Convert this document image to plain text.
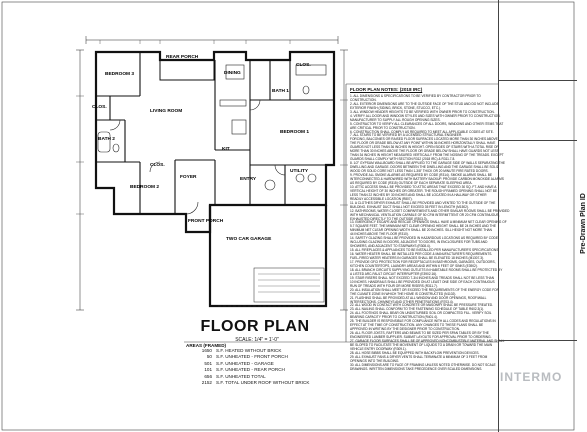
BEDROOM 3
REAR PORCH
DINING
LIVING ROOM
CLOS.
BATH 1
CLOS.
BATH 2
KIT
BEDROOM 1
CLOS.
BEDROOM 2
FOYER	ENTRY
UTILITY
FRONT PORCH
TWO CAR GARAGE
FLOOR PLAN
SCALE: 1/4" = 1'-0"
FLOOR PLAN NOTES: (2018 IRC)
1. ALL DIMENSIONS & SPECIFICATIONS TO BE VERIFIED BY CONTRACTOR PRIOR TO
CONSTRUCTION.
2. ALL EXTERIOR DIMENSIONS ARE TO THE OUTSIDE FACE OF THE STUD AND DO NOT INCLUDE
EXTERIOR FINISH (SIDING, BRICK, STONE, STUCCO, ETC.).
3. ALL WINDOW HEADER HEIGHTS TO BE VERIFIED WITH OWNER PRIOR TO CONSTRUCTION.
4. VERIFY ALL DOOR AND WINDOW STYLES AND SIZES WITH OWNER PRIOR TO CONSTRUCTION.
MANUFACTURER TO SUPPLY ALL ROUGH OPENING SIZES.
5. CONTRACTOR TO VERIFY ALL CLEARANCES OF ALL DOORS, WINDOWS AND OTHER ITEMS THAT
ARE CRITICAL PRIOR TO CONSTRUCTION.
6. CONSTRUCTION SHALL COMPLY AS REQUIRED TO MEET ALL APPLICABLE CODES AT SITE.
7. ALL STAIRS TO BE VERIFIED BY A LICENSED STRUCTURAL ENGINEER.
FORCING, BALCONIES OR RAISED FLOOR SURFACES LOCATED MORE THAN 30 INCHES ABOVE
THE FLOOR OR GRADE BELOW AT ANY POINT WITHIN 36 INCHES HORIZONTALLY SHALL HAVE
GUARDS NOT LESS THAN 36 INCHES IN HEIGHT. OPEN SIDES OF STAIRS WITH A TOTAL RISE OF
MORE THAN 30 INCHES ABOVE THE FLOOR OR GRADE BELOW SHALL HAVE GUARDS NOT LESS
THAN 34 INCHES IN HEIGHT MEASURED VERTICALLY FROM THE NOSING OF THE TREADS. EXCEPT
GUARDS SHALL COMPLY WITH SECTION R312 (2018 IRC) & R311.7.8.
8. 1/2" GYPSUM WALLBOARD SHALL BE APPLIED TO THE GARAGE SIDE OF WALLS SEPARATING THE
DWELLING AND GARAGE. DOORS BETWEEN THE DWELLING AND THE GARAGE SHALL BE SOLID
WOOD OR SOLID CORE NOT LESS THAN 1-3/8" THICK OR 20 MINUTE FIRE RATED DOORS.
9. PROVIDE ALL SMOKE ALARMS AS REQUIRED BY CODE (R314). SMOKE ALARMS SHALL BE
INTERCONNECTED & HARDWIRED WITH BATTERY BACKUP. PROVIDE CARBON MONOXIDE ALARMS
AS REQUIRED BY CODE (R315) OUTSIDE OF EACH SEPARATE SLEEPING AREA.
10. ATTIC ACCESS SHALL BE PROVIDED TO ATTIC AREAS THAT EXCEED 30 SQ. FT. AND HAVE A
VERTICAL HEIGHT OF 30 INCHES OR GREATER. THE ROUGH FRAMED OPENING SHALL NOT BE
LESS THAN 22 INCHES BY 30 INCHES AND SHALL BE LOCATED IN A HALLWAY OR OTHER
READILY ACCESSIBLE LOCATION (R807).
11. A CLOTHES DRYER EXHAUST SHALL BE PROVIDED AND VENTED TO THE OUTSIDE OF THE
BUILDING. EXHAUST DUCT SHALL NOT EXCEED 35 FEET IN LENGTH (M1502).
12. BATHROOMS, WATER CLOSET COMPARTMENTS AND OTHER SIMILAR ROOMS SHALL BE PROVIDED
WITH MECHANICAL VENTILATION CAPABLE OF 50 CFM INTERMITTENT OR 20 CFM CONTINUOUS,
EXHAUSTED DIRECTLY TO THE OUTSIDE (R303.3).
13. EMERGENCY ESCAPE AND RESCUE OPENINGS SHALL HAVE A MINIMUM NET CLEAR OPENING OF
5.7 SQUARE FEET. THE MINIMUM NET CLEAR OPENING HEIGHT SHALL BE 24 INCHES AND THE
MINIMUM NET CLEAR OPENING WIDTH SHALL BE 20 INCHES. SILL HEIGHT NOT MORE THAN
44 INCHES ABOVE THE FLOOR (R310).
14. SAFETY GLAZING SHALL BE PROVIDED IN HAZARDOUS LOCATIONS AS REQUIRED BY CODE,
INCLUDING GLAZING IN DOORS, ADJACENT TO DOORS, IN ENCLOSURES FOR TUBS AND
SHOWERS, AND ADJACENT TO STAIRWAYS (R308.4).
15. ALL FIREPLACES & APPLIANCES TO BE INSTALLED PER MANUFACTURER'S SPECIFICATIONS.
16. WATER HEATER SHALL BE INSTALLED PER CODE & MANUFACTURER'S REQUIREMENTS.
FUEL-FIRED WATER HEATERS IN GARAGES SHALL BE ELEVATED 18 INCHES (M1307.3).
17. PROVIDE GFCI PROTECTION FOR RECEPTACLES IN BATHROOMS, GARAGES, OUTDOORS,
KITCHEN COUNTERTOPS, LAUNDRY AREAS AND WITHIN 6 FEET OF SINKS (E3902).
18. ALL BRANCH CIRCUITS SUPPLYING OUTLETS IN HABITABLE ROOMS SHALL BE PROTECTED BY
A LISTED ARC-FAULT CIRCUIT INTERRUPTER (E3902.16).
19. STAIR RISERS SHALL NOT EXCEED 7-3/4 INCHES AND TREADS SHALL NOT BE LESS THAN
10 INCHES. HANDRAILS SHALL BE PROVIDED ON AT LEAST ONE SIDE OF EACH CONTINUOUS
RUN OF TREADS WITH FOUR OR MORE RISERS (R311.7).
20. ALL INSULATION SHALL MEET OR EXCEED THE REQUIREMENTS OF THE ENERGY CODE FOR
THE CLIMATE ZONE IN WHICH THE HOME IS CONSTRUCTED (N1102).
21. FLASHING SHALL BE PROVIDED AT ALL WINDOW AND DOOR OPENINGS, ROOF/WALL
INTERSECTIONS, CHIMNEYS AND OTHER PENETRATIONS (R703.4).
22. ALL WOOD IN CONTACT WITH CONCRETE OR MASONRY SHALL BE PRESSURE TREATED.
23. ALL NAILING SHALL CONFORM TO THE FASTENING SCHEDULE OF TABLE R602.3(1).
24. ALL FOOTINGS SHALL BEAR ON UNDISTURBED SOIL OR COMPACTED FILL. VERIFY SOIL
BEARING CAPACITY PRIOR TO CONSTRUCTION (R401.4).
25. THE BUILDER IS RESPONSIBLE FOR COMPLIANCE WITH ALL CODES AND REGULATIONS IN
EFFECT AT THE TIME OF CONSTRUCTION. ANY CHANGES TO THESE PLANS SHALL BE
APPROVED IN WRITING BY THE DESIGNER PRIOR TO CONSTRUCTION.
26. ALL FLOOR JOISTS, RAFTERS AND BEAMS TO BE SIZED PER SPAN TABLES OR BY THE
ENGINEERED LUMBER SUPPLIER. SUBMIT LAYOUTS FOR APPROVAL PRIOR TO ORDERING.
27. GARAGE FLOOR SURFACES SHALL BE OF APPROVED NONCOMBUSTIBLE MATERIAL AND SHALL
BE SLOPED TO FACILITATE THE MOVEMENT OF LIQUIDS TO A DRAIN OR TOWARD THE MAIN
VEHICLE ENTRY DOORWAY (R309.1).
28. ALL HOSE BIBBS SHALL BE EQUIPPED WITH BACKFLOW PREVENTION DEVICES.
29. ALL EXHAUST FANS & DRYER VENTS SHALL TERMINATE A MINIMUM OF 3 FEET FROM
OPENINGS INTO THE BUILDING.
30. ALL DIMENSIONS ARE TO FACE OF FRAMING UNLESS NOTED OTHERWISE. DO NOT SCALE
DRAWINGS. WRITTEN DIMENSIONS TAKE PRECEDENCE OVER SCALED DIMENSIONS.
AREAS (FRAMED)
1650 S.F. HEATED WITHOUT BRICK
50 S.F. UNHEATED - FRONT PORCH
501 S.F. UNHEATED - GARAGE
101 S.F. UNHEATED - REAR PORCH
656 S.F. UNHEATED TOTAL
2152 S.F. TOTAL UNDER ROOF WITHOUT BRICK
Pre-Drawn Plan ID
INTERMO
